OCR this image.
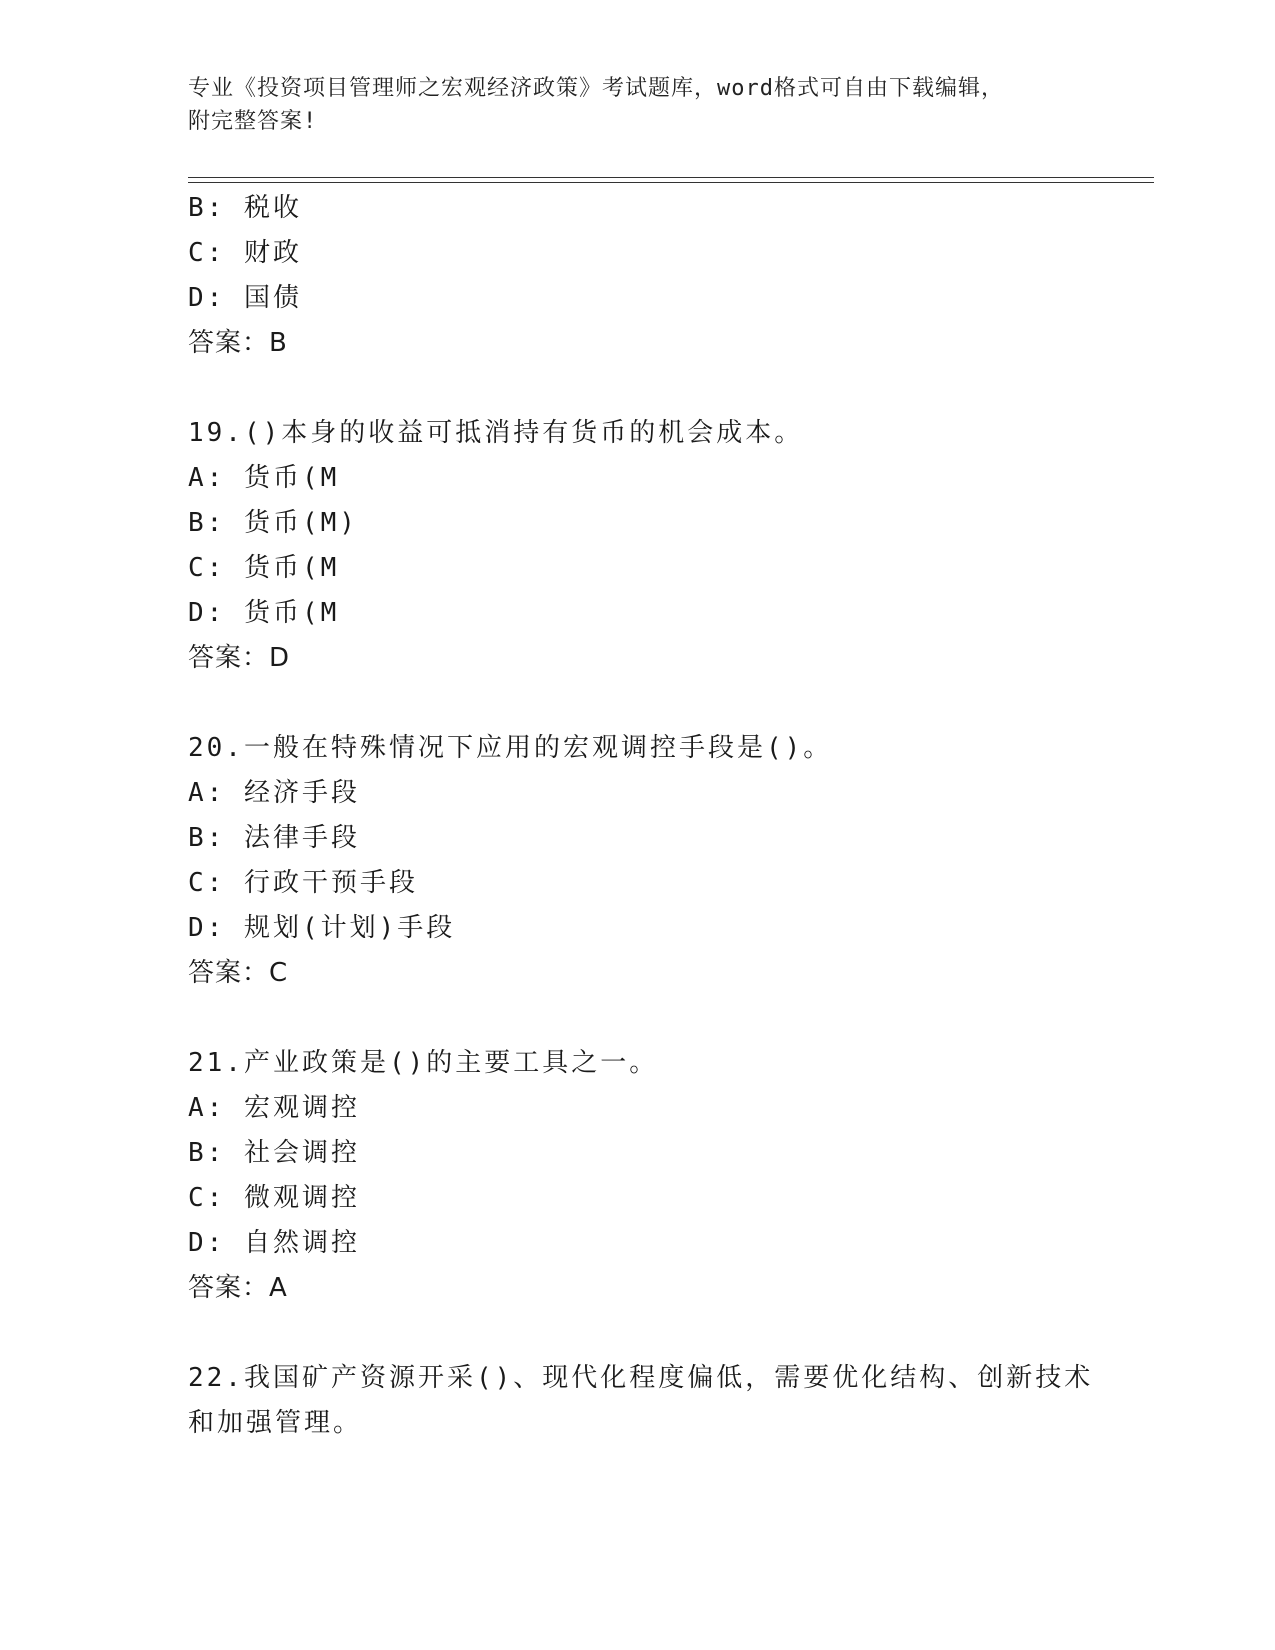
专业《投资项目管理师之宏观经济政策》考试题库，word格式可自由下载编辑，
附完整答案!
B: 税收
C: 财政
D: 国债
答案：B
19.()本身的收益可抵消持有货币的机会成本。
A: 货币(M
B: 货币(M)
C: 货币(M
D: 货币(M
答案：D
20.一般在特殊情况下应用的宏观调控手段是()。
A: 经济手段
B: 法律手段
C: 行政干预手段
D: 规划(计划)手段
答案：C
21.产业政策是()的主要工具之一。
A: 宏观调控
B: 社会调控
C: 微观调控
D: 自然调控
答案：A
22.我国矿产资源开采()、现代化程度偏低，需要优化结构、创新技术
和加强管理。
